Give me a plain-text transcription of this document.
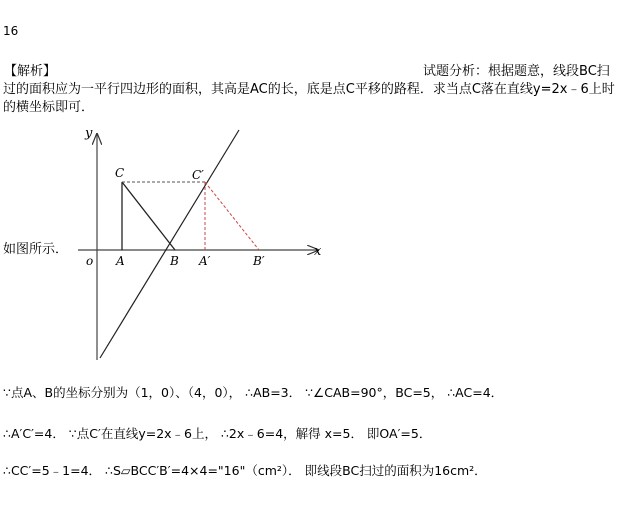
16
【解析】	试题分析：根据题意，线段BC扫
过的面积应为一平行四边形的面积，其高是AC的长，底是点C平移的路程．求当点C落在直线y=2x﹣6上时
的横坐标即可．
如图所示．
y
x
o A	B
C
A′	B′
C′
∵点A、B的坐标分别为（1，0）、（4，0）， ∴AB=3． ∵∠CAB=90°，BC=5， ∴AC=4．
∴A′C′=4． ∵点C′在直线y=2x﹣6上， ∴2x﹣6=4，解得 x=5． 即OA′=5．
∴CC′=5﹣1=4． ∴S▱BCC′B′=4×4="16"（cm²）． 即线段BC扫过的面积为16cm²．
